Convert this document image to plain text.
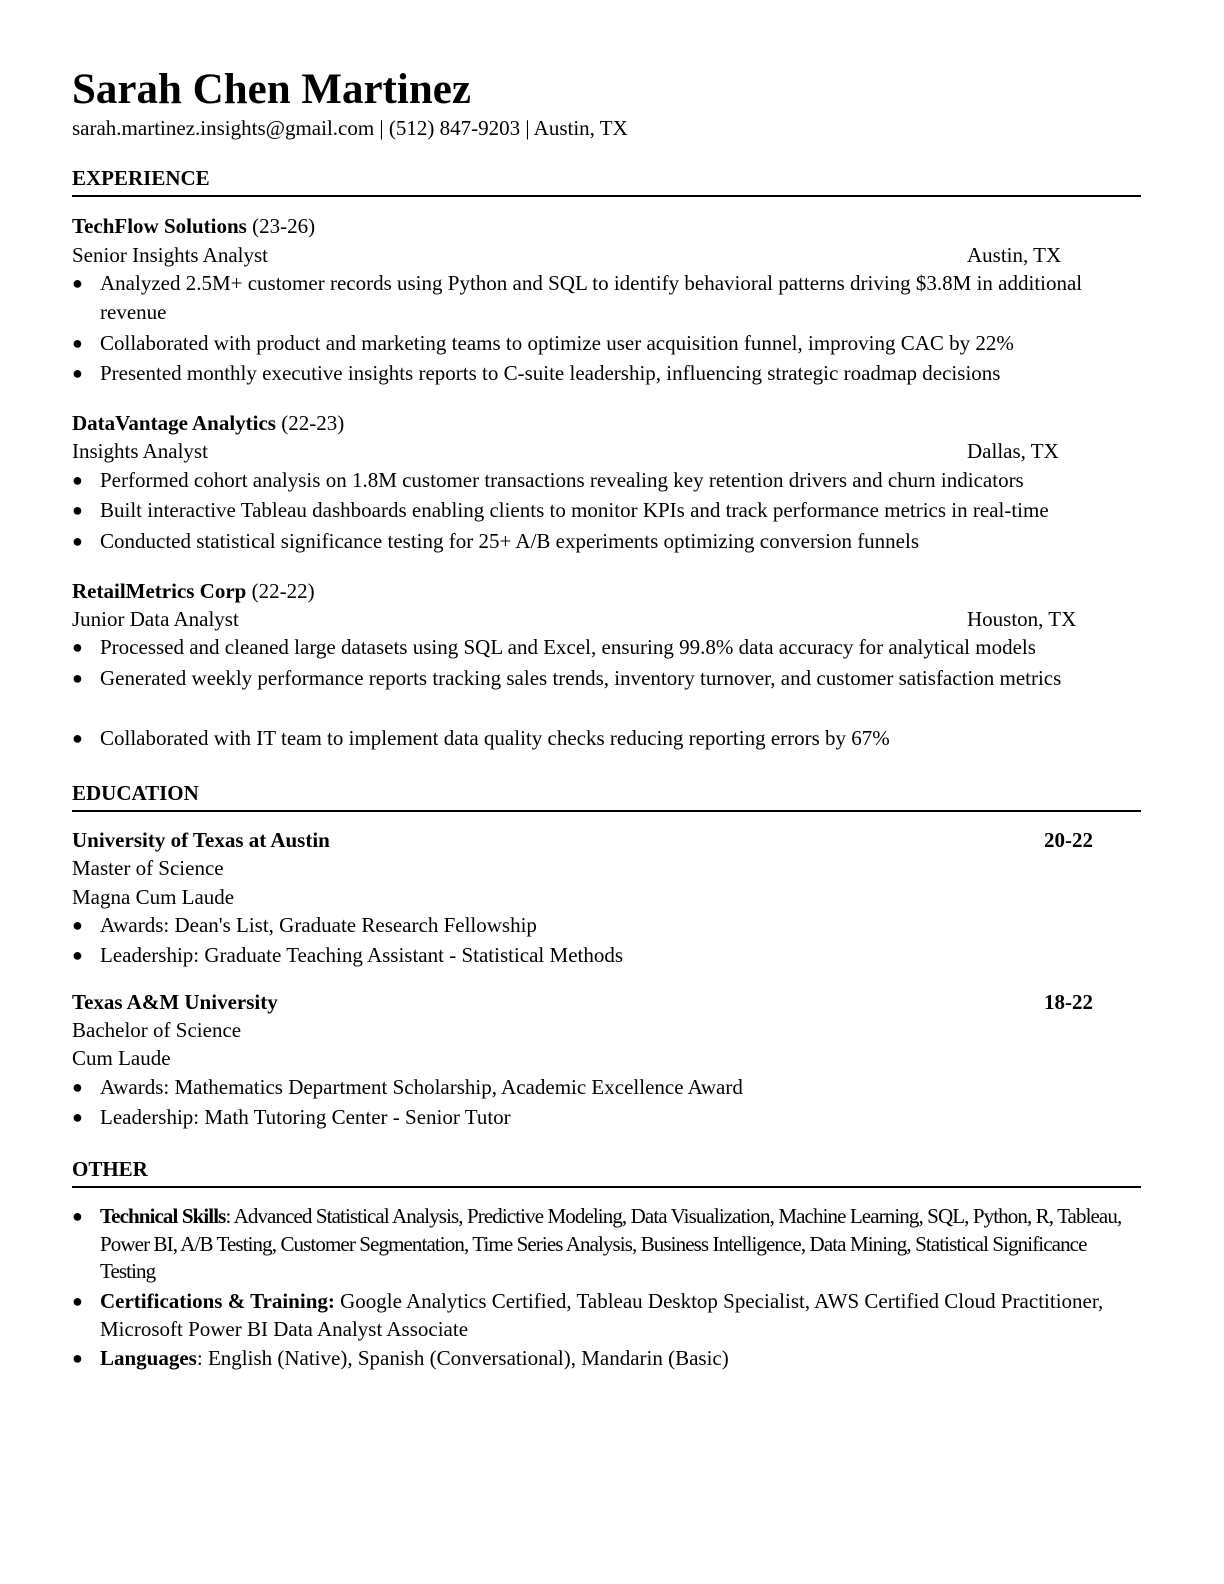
Sarah Chen Martinez
sarah.martinez.insights@gmail.com | (512) 847-9203 | Austin, TX
EXPERIENCE
TechFlow Solutions (23-26)
Senior Insights Analyst	Austin, TX
● Analyzed 2.5M+ customer records using Python and SQL to identify behavioral patterns driving $3.8M in additional revenue
● Collaborated with product and marketing teams to optimize user acquisition funnel, improving CAC by 22%
● Presented monthly executive insights reports to C-suite leadership, influencing strategic roadmap decisions
DataVantage Analytics (22-23)
Insights Analyst	Dallas, TX
● Performed cohort analysis on 1.8M customer transactions revealing key retention drivers and churn indicators
● Built interactive Tableau dashboards enabling clients to monitor KPIs and track performance metrics in real-time
● Conducted statistical significance testing for 25+ A/B experiments optimizing conversion funnels
RetailMetrics Corp (22-22)
Junior Data Analyst	Houston, TX
● Processed and cleaned large datasets using SQL and Excel, ensuring 99.8% data accuracy for analytical models
● Generated weekly performance reports tracking sales trends, inventory turnover, and customer satisfaction metrics
● Collaborated with IT team to implement data quality checks reducing reporting errors by 67%
EDUCATION
University of Texas at Austin	20-22
Master of Science
Magna Cum Laude
● Awards: Dean's List, Graduate Research Fellowship
● Leadership: Graduate Teaching Assistant - Statistical Methods
Texas A&M University	18-22
Bachelor of Science
Cum Laude
● Awards: Mathematics Department Scholarship, Academic Excellence Award
● Leadership: Math Tutoring Center - Senior Tutor
OTHER
● Technical Skills: Advanced Statistical Analysis, Predictive Modeling, Data Visualization, Machine Learning, SQL, Python, R, Tableau, Power BI, A/B Testing, Customer Segmentation, Time Series Analysis, Business Intelligence, Data Mining, Statistical Significance Testing
● Certifications & Training: Google Analytics Certified, Tableau Desktop Specialist, AWS Certified Cloud Practitioner, Microsoft Power BI Data Analyst Associate
● Languages: English (Native), Spanish (Conversational), Mandarin (Basic)
